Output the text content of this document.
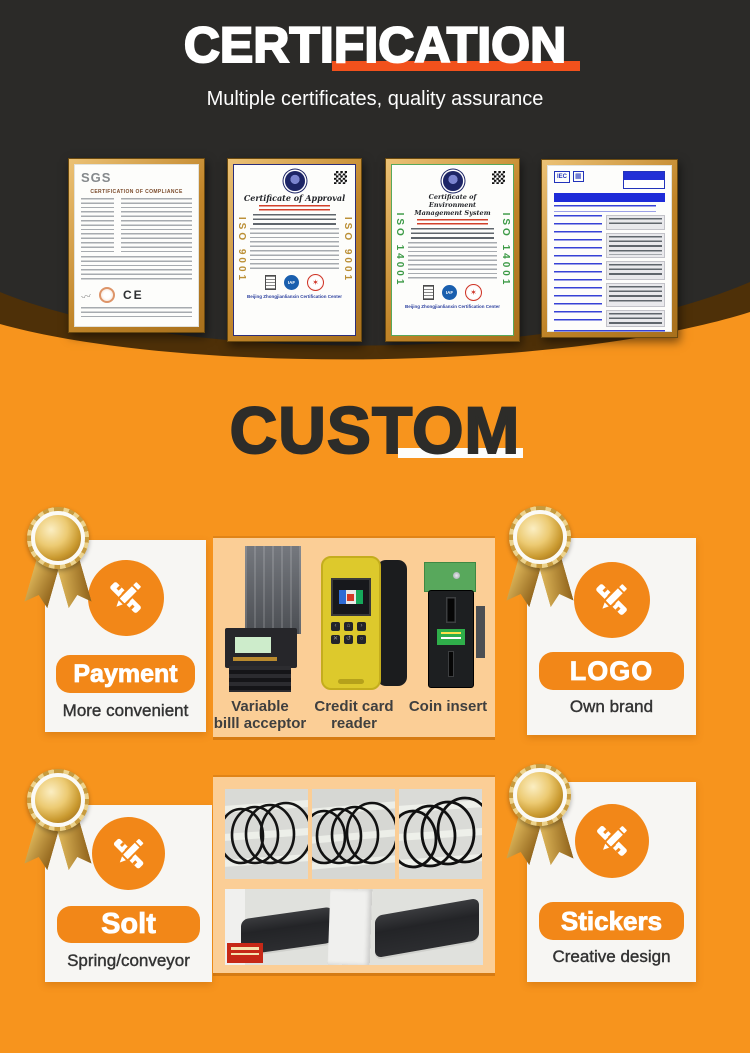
CERTIFICATION

Multiple certificates, quality assurance

SGS
CERTIFICATION OF COMPLIANCE
〰	CE
ISO 9001	ISO 9001
Certificate of Approval
IAF	✶
Beijing Zhongjianlianxin Certification Center
ISO 14001	ISO 14001
Certificate of Environment Management System
IAF	✶
Beijing Zhongjianlianxin Certification Center
IEC	▦
CUSTOM
Payment
More convenient
‹	⌂	›
✕	↺	○
Variable
billl acceptor
Credit card
reader
Coin insert
LOGO
Own brand
Solt
Spring/conveyor
Stickers
Creative design
